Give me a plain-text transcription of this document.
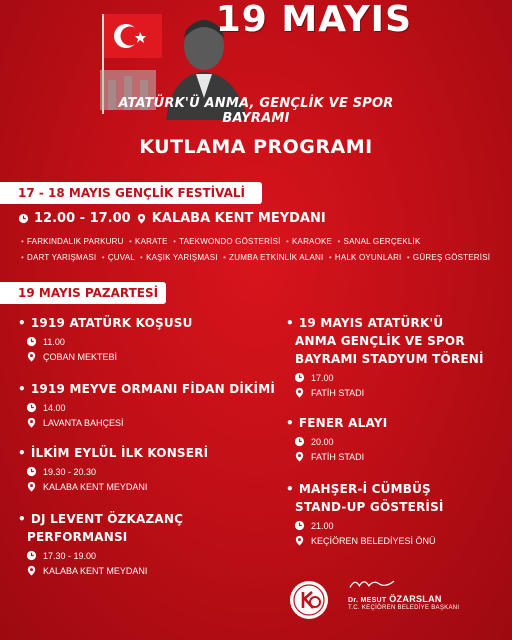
19 MAYIS
ATATÜRK'Ü ANMA, GENÇLİK VE SPOR BAYRAMI
KUTLAMA PROGRAMI
17 - 18 MAYIS GENÇLİK FESTİVALİ
12.00 - 17.00 KALABA KENT MEYDANI
• FARKINDALIK PARKURU • KARATE • TAEKWONDO GÖSTERİSİ • KARAOKE • SANAL GERÇEKLİK
• DART YARIŞMASI • ÇUVAL • KAŞIK YARIŞMASI • ZUMBA ETKİNLİK ALANI • HALK OYUNLARI • GÜREŞ GÖSTERİSİ
19 MAYIS PAZARTESİ
• 1919 ATATÜRK KOŞUSU
11.00
ÇOBAN MEKTEBİ
• 1919 MEYVE ORMANI FİDAN DİKİMİ
14.00
LAVANTA BAHÇESİ
• İLKİM EYLÜL İLK KONSERİ
19.30 - 20.30
KALABA KENT MEYDANI
• DJ LEVENT ÖZKAZANÇ
PERFORMANSI
17.30 - 19.00
KALABA KENT MEYDANI
• 19 MAYIS ATATÜRK'Ü
ANMA GENÇLİK VE SPOR
BAYRAMI STADYUM TÖRENİ
17.00
FATİH STADI
• FENER ALAYI
20.00
FATİH STADI
• MAHŞER-İ CÜMBÜŞ
STAND-UP GÖSTERİSİ
21.00
KEÇİÖREN BELEDİYESİ ÖNÜ
Dr. MESUT ÖZARSLAN
T.C. KEÇİÖREN BELEDİYE BAŞKANI
